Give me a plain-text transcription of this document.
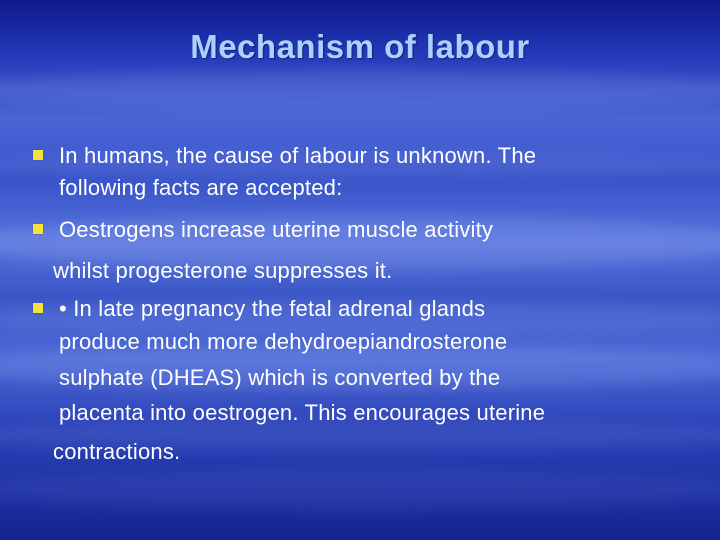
Mechanism of labour
In humans, the cause of labour is unknown. The
following facts are accepted:
Oestrogens increase uterine muscle activity
whilst progesterone suppresses it.
• In late pregnancy the fetal adrenal glands
produce much more dehydroepiandrosterone
sulphate (DHEAS) which is converted by the
placenta into oestrogen. This encourages uterine
contractions.
